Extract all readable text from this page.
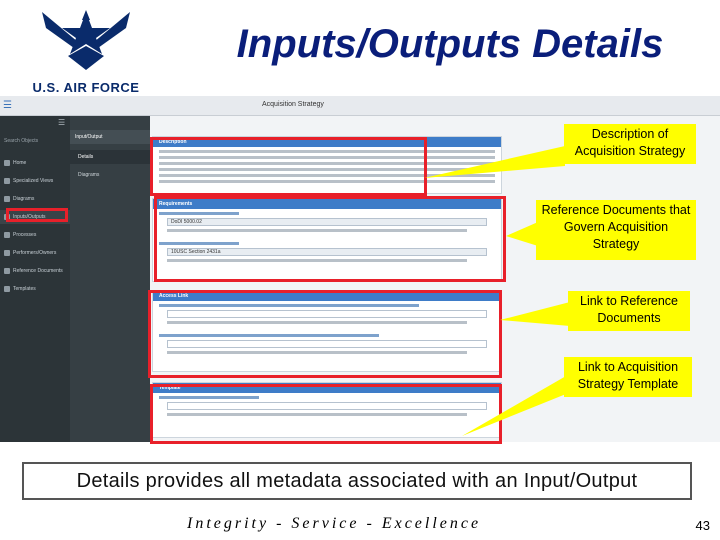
U.S. AIR FORCE
Inputs/Outputs Details
☰	Acquisition Strategy
☰
Search Objects
Home
Specialized Views
Diagrams
Inputs/Outputs
Processes
Performers/Owners
Reference Documents
Templates
Input/Output
Details
Diagrams
Description
Requirements
DoDI 5000.02
10USC Section 2431a
Access Link
Template
Description of Acquisition Strategy
Reference Documents that Govern Acquisition Strategy
Link to Reference Documents
Link to Acquisition Strategy Template
Details provides all metadata associated with an Input/Output
Integrity - Service - Excellence	43
